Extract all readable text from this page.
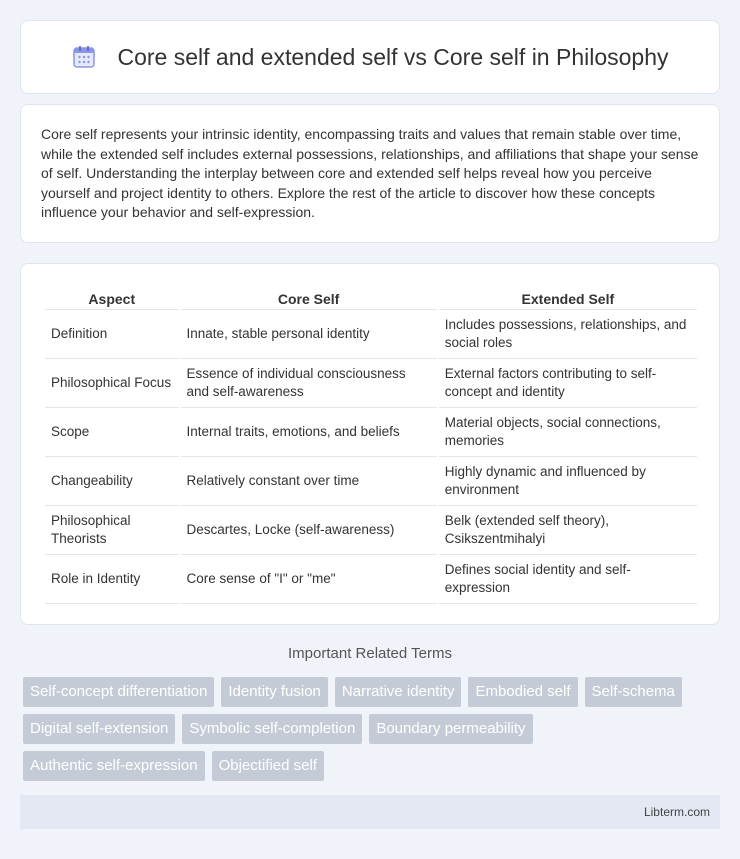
Core self and extended self vs Core self in Philosophy

Core self represents your intrinsic identity, encompassing traits and values that remain stable over time, while the extended self includes external possessions, relationships, and affiliations that shape your sense of self. Understanding the interplay between core and extended self helps reveal how you perceive yourself and project identity to others. Explore the rest of the article to discover how these concepts influence your behavior and self-expression.

Aspect	Core Self	Extended Self
Definition	Innate, stable personal identity	Includes possessions, relationships, and social roles
Philosophical Focus	Essence of individual consciousness and self-awareness	External factors contributing to self-concept and identity
Scope	Internal traits, emotions, and beliefs	Material objects, social connections, memories
Changeability	Relatively constant over time	Highly dynamic and influenced by environment
Philosophical Theorists	Descartes, Locke (self-awareness)	Belk (extended self theory), Csikszentmihalyi
Role in Identity	Core sense of "I" or "me"	Defines social identity and self-expression
Important Related Terms
Self-concept differentiation	Identity fusion	Narrative identity	Embodied self	Self-schema
Digital self-extension	Symbolic self-completion	Boundary permeability
Authentic self-expression	Objectified self
Libterm.com
